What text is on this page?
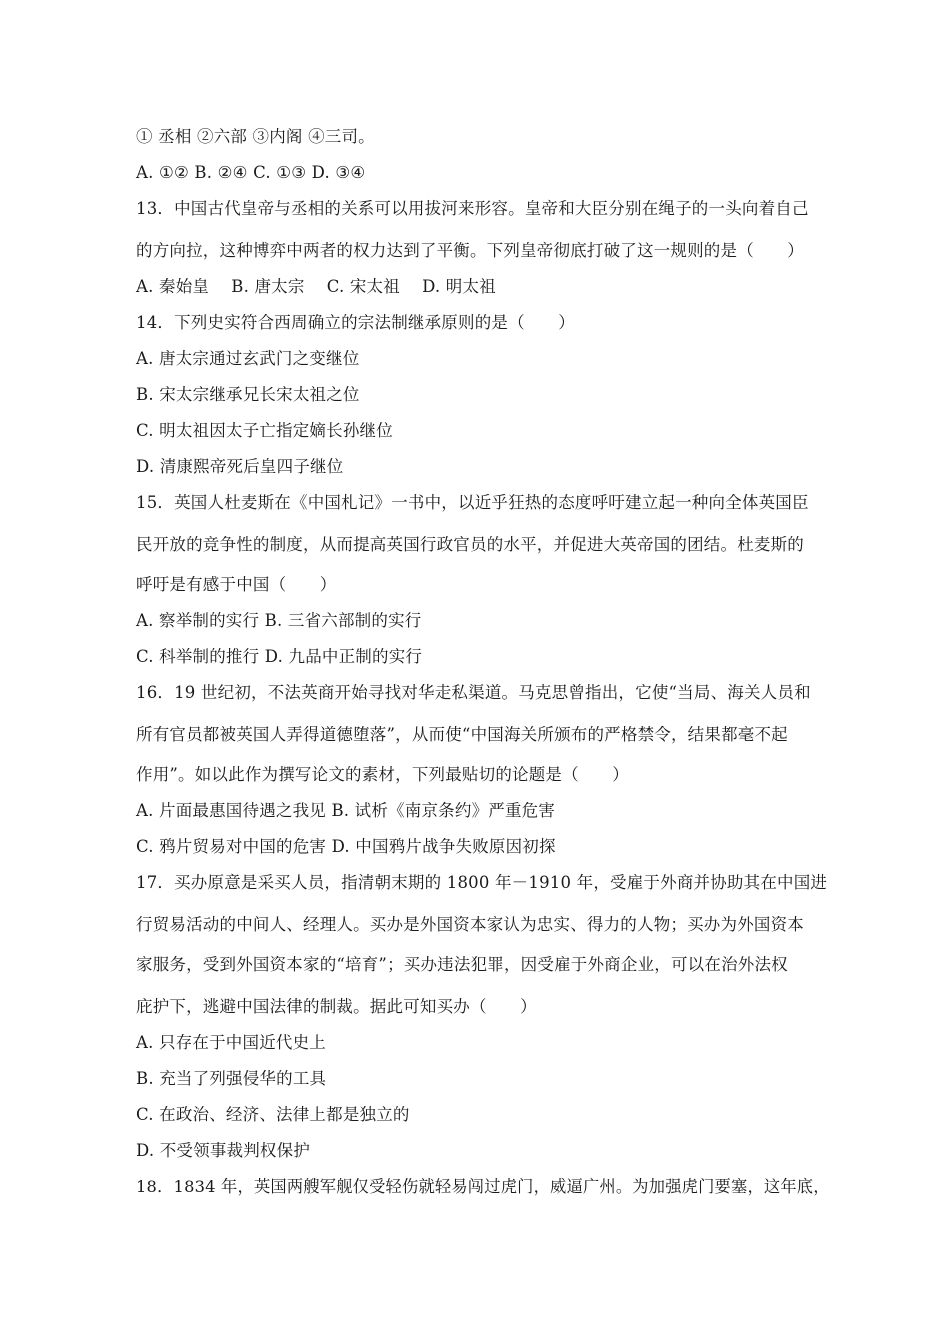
① 丞相 ②六部 ③内阁 ④三司。
A. ①② B. ②④ C. ①③ D. ③④
13．中国古代皇帝与丞相的关系可以用拔河来形容。皇帝和大臣分别在绳子的一头向着自己
的方向拉，这种博弈中两者的权力达到了平衡。下列皇帝彻底打破了这一规则的是（　　）
A. 秦始皇　 B. 唐太宗　 C. 宋太祖　 D. 明太祖
14．下列史实符合西周确立的宗法制继承原则的是（　　）
A. 唐太宗通过玄武门之变继位
B. 宋太宗继承兄长宋太祖之位
C. 明太祖因太子亡指定嫡长孙继位
D. 清康熙帝死后皇四子继位
15．英国人杜麦斯在《中国札记》一书中，以近乎狂热的态度呼吁建立起一种向全体英国臣
民开放的竞争性的制度，从而提高英国行政官员的水平，并促进大英帝国的团结。杜麦斯的
呼吁是有感于中国（　　）
A. 察举制的实行 B. 三省六部制的实行
C. 科举制的推行 D. 九品中正制的实行
16．19 世纪初，不法英商开始寻找对华走私渠道。马克思曾指出，它使“当局、海关人员和
所有官员都被英国人弄得道德堕落”，从而使“中国海关所颁布的严格禁令，结果都毫不起
作用”。如以此作为撰写论文的素材，下列最贴切的论题是（　　）
A. 片面最惠国待遇之我见 B. 试析《南京条约》严重危害
C. 鸦片贸易对中国的危害 D. 中国鸦片战争失败原因初探
17．买办原意是采买人员，指清朝末期的 1800 年－1910 年，受雇于外商并协助其在中国进
行贸易活动的中间人、经理人。买办是外国资本家认为忠实、得力的人物；买办为外国资本
家服务，受到外国资本家的“培育”；买办违法犯罪，因受雇于外商企业，可以在治外法权
庇护下，逃避中国法律的制裁。据此可知买办（　　）
A. 只存在于中国近代史上
B. 充当了列强侵华的工具
C. 在政治、经济、法律上都是独立的
D. 不受领事裁判权保护
18．1834 年，英国两艘军舰仅受轻伤就轻易闯过虎门，威逼广州。为加强虎门要塞，这年底，
